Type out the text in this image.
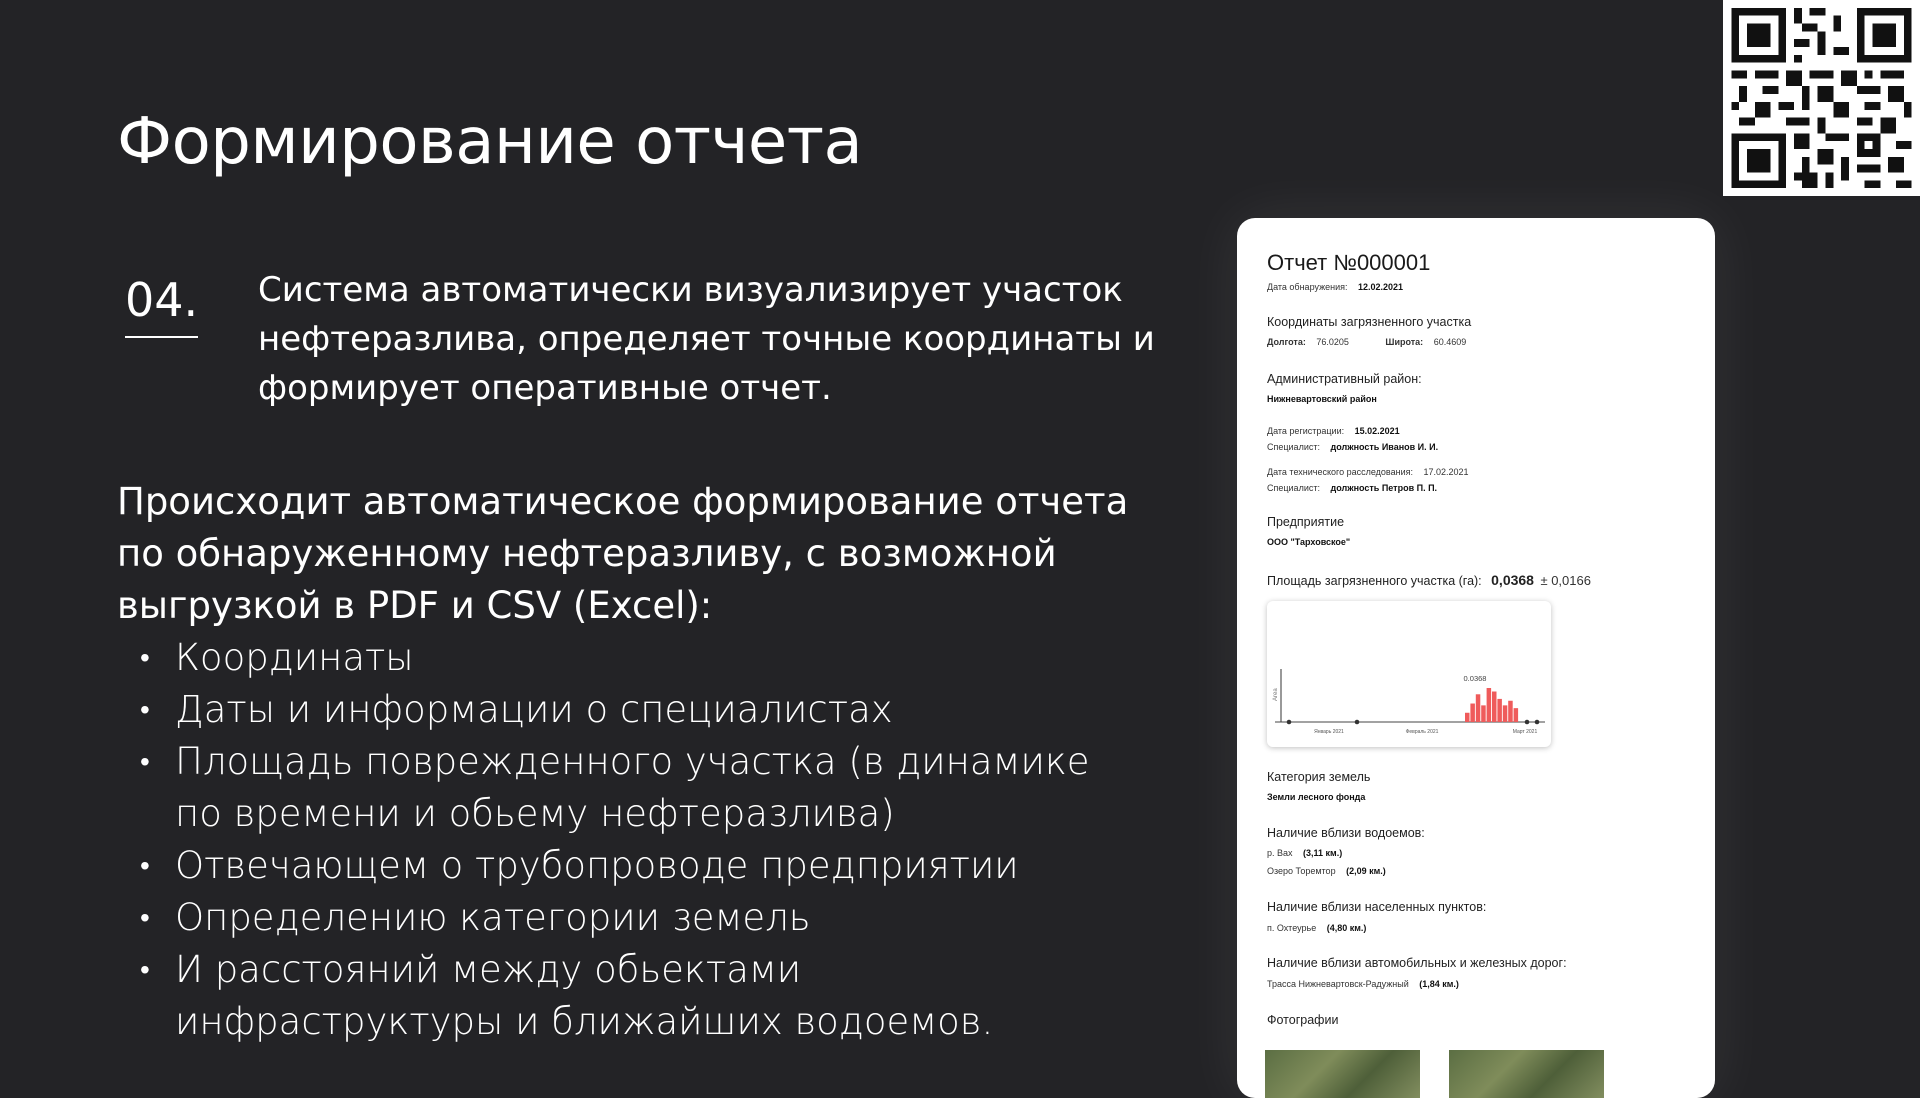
Формирование отчета
04. Система автоматически визуализирует участок нефтеразлива, определяет точные координаты и формирует оперативные отчет.

Происходит автоматическое формирование отчета по обнаруженному нефтеразливу, с возможной выгрузкой в PDF и CSV (Excel):

• Координаты
• Даты и информации о специалистах
• Площадь поврежденного участка (в динамике по времени и обьему нефтеразлива)
• Отвечающем о трубопроводе предприятии
• Определению категории земель
• И расстояний между обьектами инфраструктуры и ближайших водоемов.
Отчет №000001
Дата обнаружения: 12.02.2021
Координаты загрязненного участка
Долгота: 76.0205	Широта: 60.4609
Административный район:
Нижневартовский район
Дата регистрации: 15.02.2021
Специалист: должность Иванов И. И.
Дата технического расследования: 17.02.2021
Специалист: должность Петров П. П.
Предприятие
ООО "Тарховское"
Площадь загрязненного участка (га): 0,0368 ± 0,0166
Area
Январь 2021	Февраль 2021	Март 2021
0.0368
Категория земель
Земли лесного фонда
Наличие вблизи водоемов:
р. Вах (3,11 км.)
Озеро Торемтор (2,09 км.)
Наличие вблизи населенных пунктов:
п. Охтеурье (4,80 км.)
Наличие вблизи автомобильных и железных дорог:
Трасса Нижневартовск-Радужный (1,84 км.)
Фотографии
